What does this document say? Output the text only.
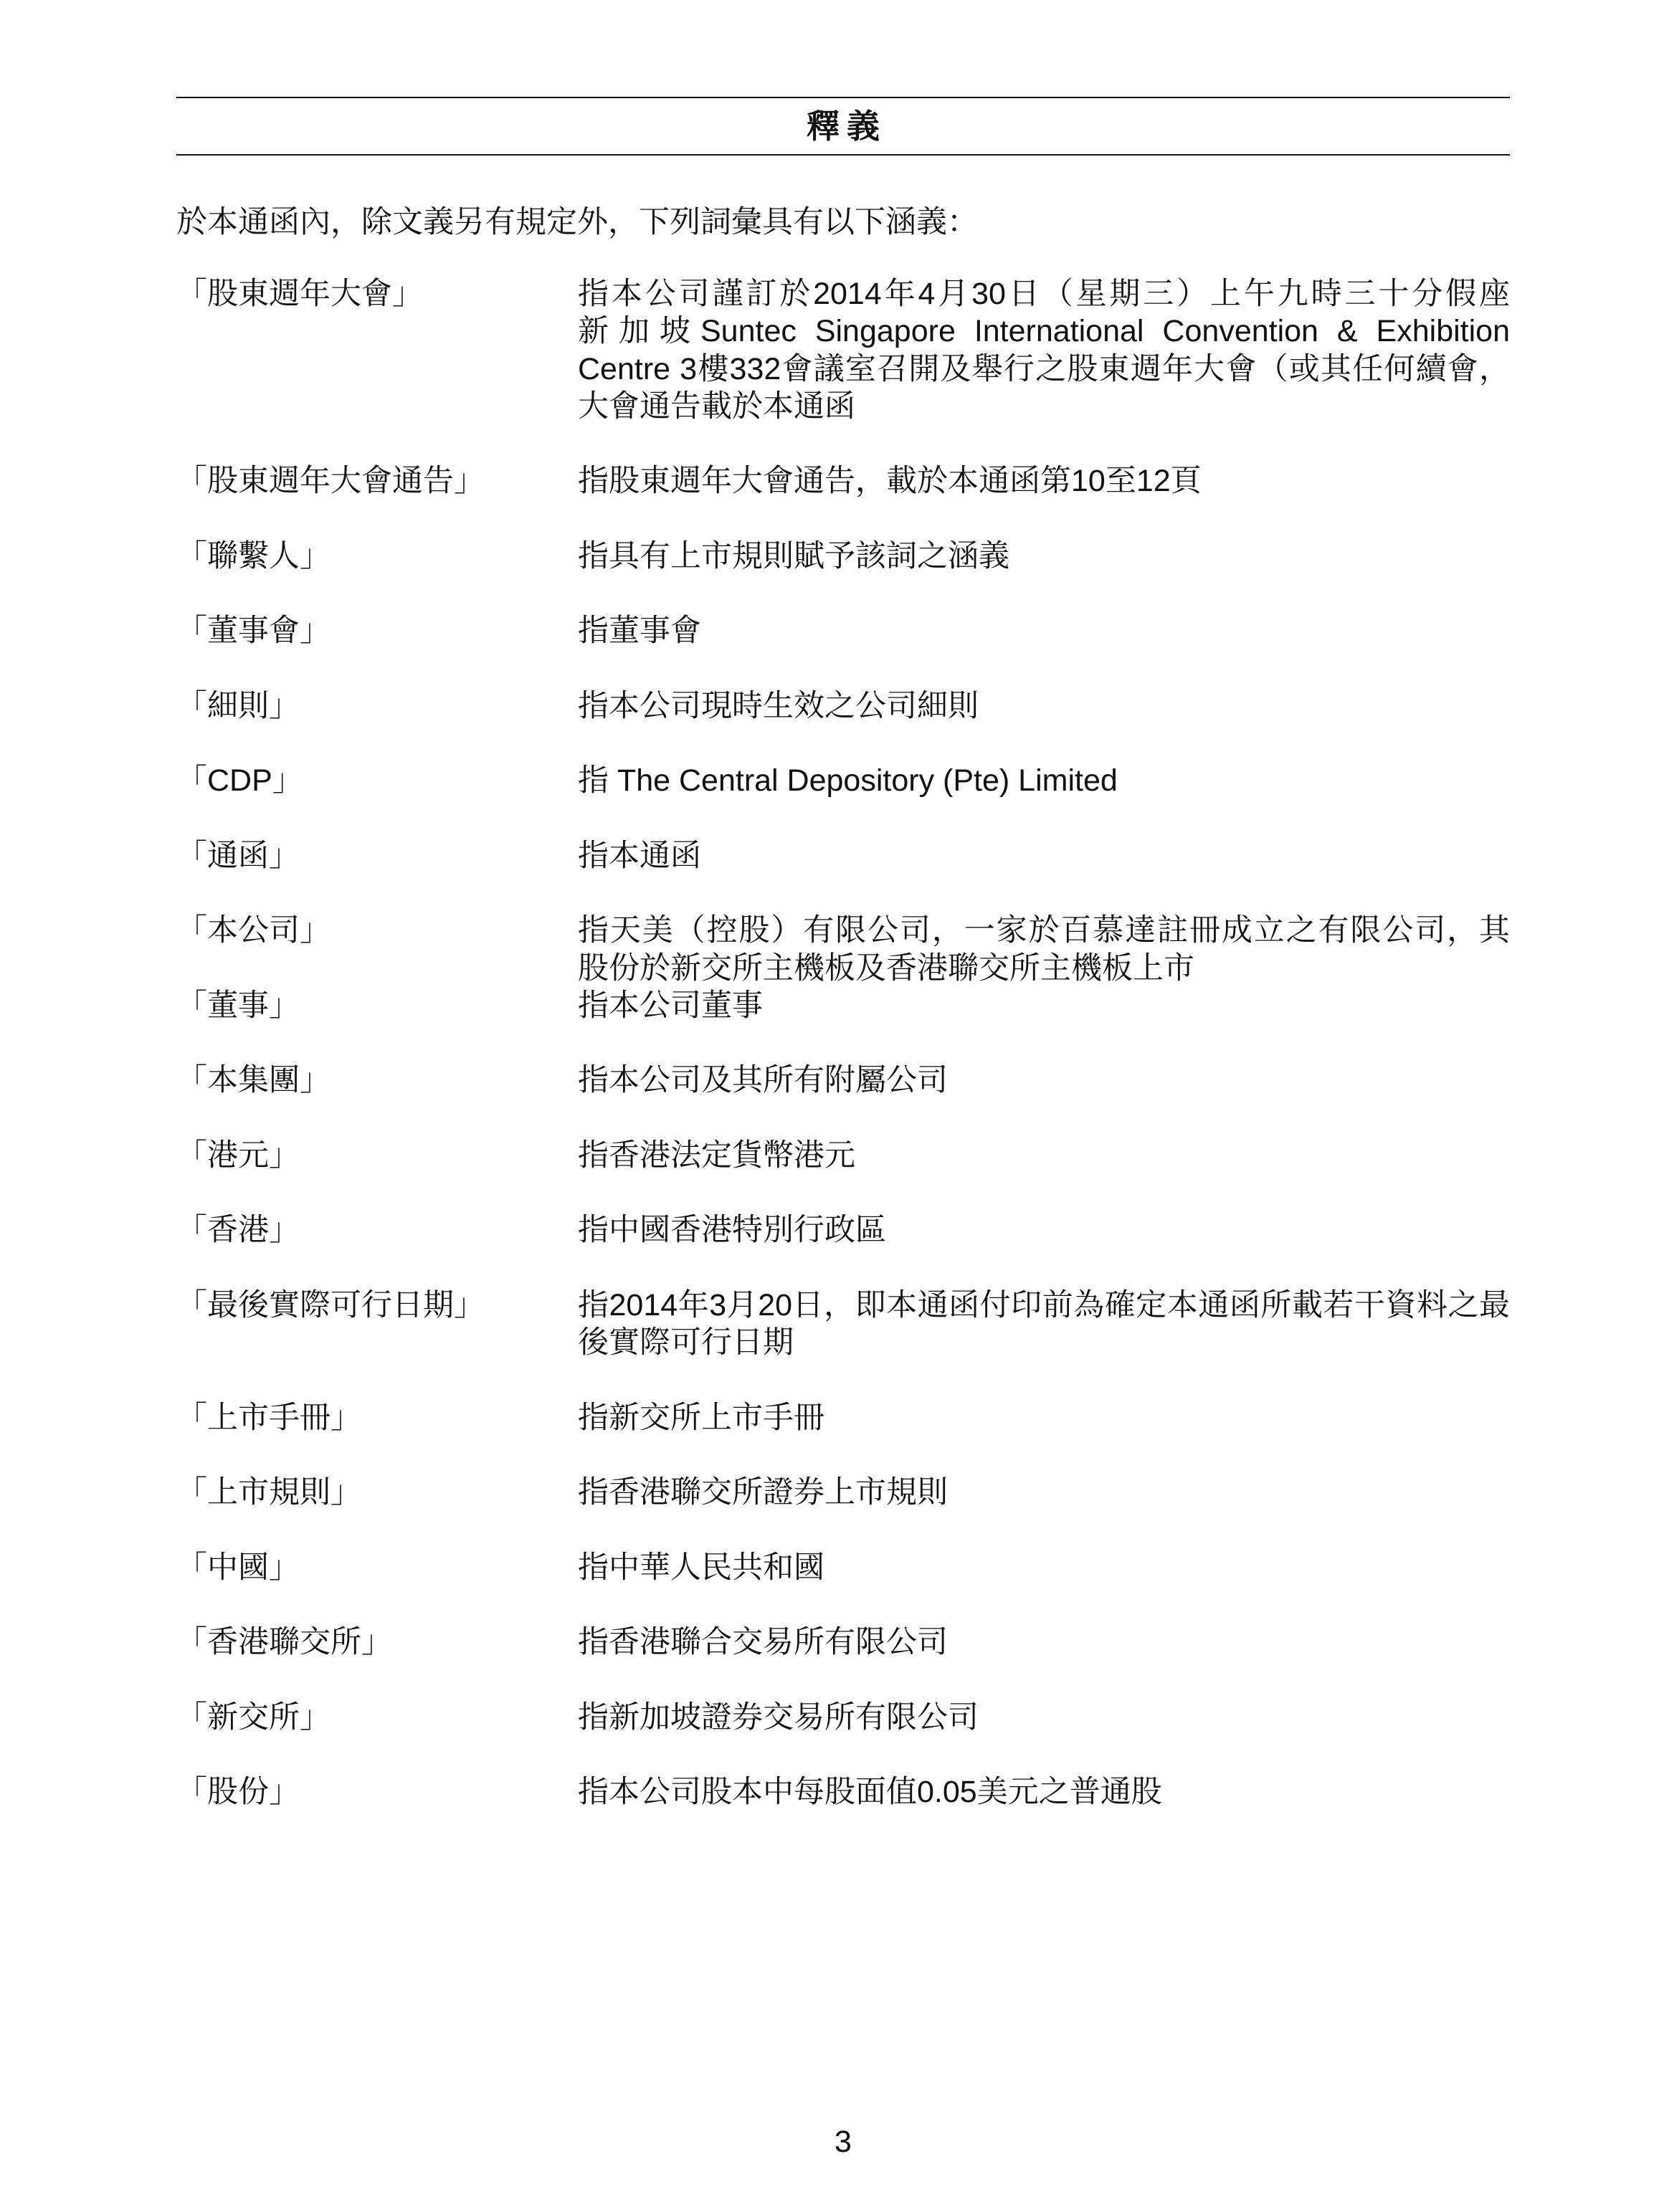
釋義
於本通函內，除文義另有規定外，下列詞彙具有以下涵義：
「股東週年大會」	指本公司謹訂於2014年4月30日（星期三）上午九時三十分假座
新加坡Suntec Singapore International Convention & Exhibition
Centre 3樓332會議室召開及舉行之股東週年大會（或其任何續會，
大會通告載於本通函
「股東週年大會通告」	指股東週年大會通告，載於本通函第10至12頁
「聯繫人」	指具有上市規則賦予該詞之涵義
「董事會」	指董事會
「細則」	指本公司現時生效之公司細則
「CDP」	指 The Central Depository (Pte) Limited
「通函」	指本通函
「本公司」	指天美（控股）有限公司，一家於百慕達註冊成立之有限公司，其
股份於新交所主機板及香港聯交所主機板上市
「董事」	指本公司董事
「本集團」	指本公司及其所有附屬公司
「港元」	指香港法定貨幣港元
「香港」	指中國香港特別行政區
「最後實際可行日期」	指2014年3月20日，即本通函付印前為確定本通函所載若干資料之最
後實際可行日期
「上市手冊」	指新交所上市手冊
「上市規則」	指香港聯交所證券上市規則
「中國」	指中華人民共和國
「香港聯交所」	指香港聯合交易所有限公司
「新交所」	指新加坡證券交易所有限公司
「股份」	指本公司股本中每股面值0.05美元之普通股
3
